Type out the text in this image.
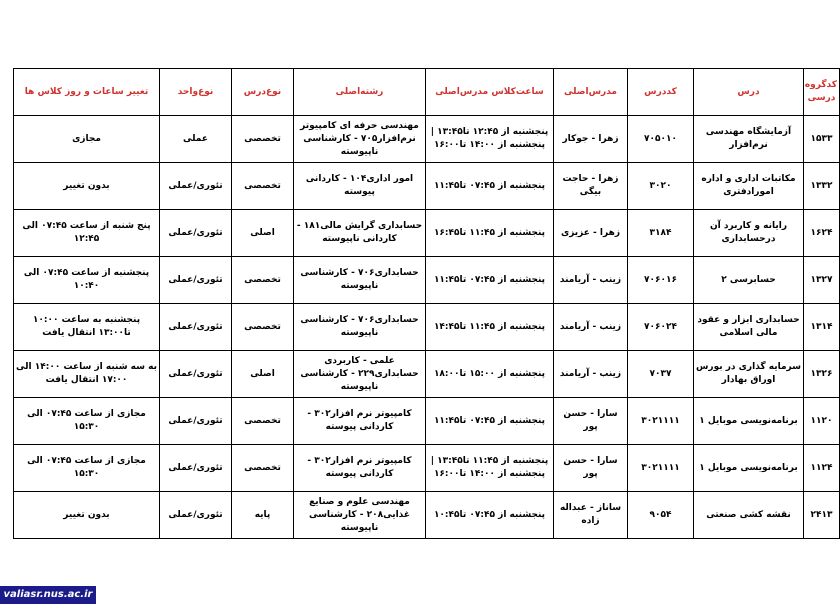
کدگروه درسی	درس	کددرس	مدرس‌اصلی	ساعت‌کلاس مدرس‌اصلی	رشته‌اصلی	نوع‌درس	نوع‌واحد	تغییر ساعات و روز کلاس ها
۱۵۳۳	آزمایشگاه مهندسی نرم‌افزار	۷۰۵۰۱۰	زهرا - جوکار	پنجشنبه از ۱۲:۴۵ تا۱۳:۴۵ |
پنجشنبه از ۱۴:۰۰ تا۱۶:۰۰	مهندسی حرفه ای کامپیوتر نرم‌افزار۷۰۵ - کارشناسی ناپیوسته	تخصصی	عملی	مجازی
۱۳۳۲	مکاتبات اداری و اداره امورادفتری	۳۰۲۰	زهرا - حاجت بیگی	پنجشنبه از ۰۷:۴۵ تا۱۱:۴۵	امور اداری۱۰۴ - کاردانی پیوسته	تخصصی	تئوری/عملی	بدون تغییر
۱۶۲۴	رایانه و کاربرد آن درحسابداری	۳۱۸۴	زهرا - عزیزی	پنجشنبه از ۱۱:۴۵ تا۱۶:۴۵	حسابداری گرایش مالی۱۸۱ - کاردانی ناپیوسته	اصلی	تئوری/عملی	پنج شنبه از ساعت ۰۷:۴۵ الی ۱۲:۴۵
۱۳۲۷	حسابرسی ۲	۷۰۶۰۱۶	زینب - آریامند	پنجشنبه از ۰۷:۴۵ تا۱۱:۴۵	حسابداری۷۰۶ - کارشناسی ناپیوسته	تخصصی	تئوری/عملی	پنجشنبه از ساعت ۰۷:۴۵ الی ۱۰:۴۰
۱۳۱۴	حسابداری ابزار و عقود مالی اسلامی	۷۰۶۰۲۴	زینب - آریامند	پنجشنبه از ۱۱:۴۵ تا۱۴:۴۵	حسابداری۷۰۶ - کارشناسی ناپیوسته	تخصصی	تئوری/عملی	پنجشنبه به ساعت ۱۰:۰۰ تا۱۳:۰۰ انتقال یافت
۱۳۲۶	سرمایه گذاری در بورس اوراق بهادار	۷۰۳۷	زینب - آریامند	پنجشنبه از ۱۵:۰۰ تا۱۸:۰۰	علمی - کاربردی حسابداری۲۲۹ - کارشناسی ناپیوسته	اصلی	تئوری/عملی	به سه شنبه از ساعت ۱۴:۰۰ الی ۱۷:۰۰ انتقال یافت
۱۱۲۰	برنامه‌نویسی موبایل ۱	۳۰۲۱۱۱۱	سارا - حسن پور	پنجشنبه از ۰۷:۴۵ تا۱۱:۴۵	کامپیوتر نرم افزار۳۰۲ - کاردانی پیوسته	تخصصی	تئوری/عملی	مجازی از ساعت ۰۷:۴۵ الی ۱۵:۳۰
۱۱۲۴	برنامه‌نویسی موبایل ۱	۳۰۲۱۱۱۱	سارا - حسن پور	پنجشنبه از ۱۱:۴۵ تا۱۳:۴۵ |
پنجشنبه از ۱۴:۰۰ تا۱۶:۰۰	کامپیوتر نرم افزار۳۰۲ - کاردانی پیوسته	تخصصی	تئوری/عملی	مجازی از ساعت ۰۷:۴۵ الی ۱۵:۳۰
۲۴۱۳	نقشه کشی صنعتی	۹۰۵۴	ساناز - عبداله زاده	پنجشنبه از ۰۷:۴۵ تا۱۰:۴۵	مهندسی علوم و صنایع غذایی۲۰۸ - کارشناسی ناپیوسته	پایه	تئوری/عملی	بدون تغییر
valiasr.nus.ac.ir
